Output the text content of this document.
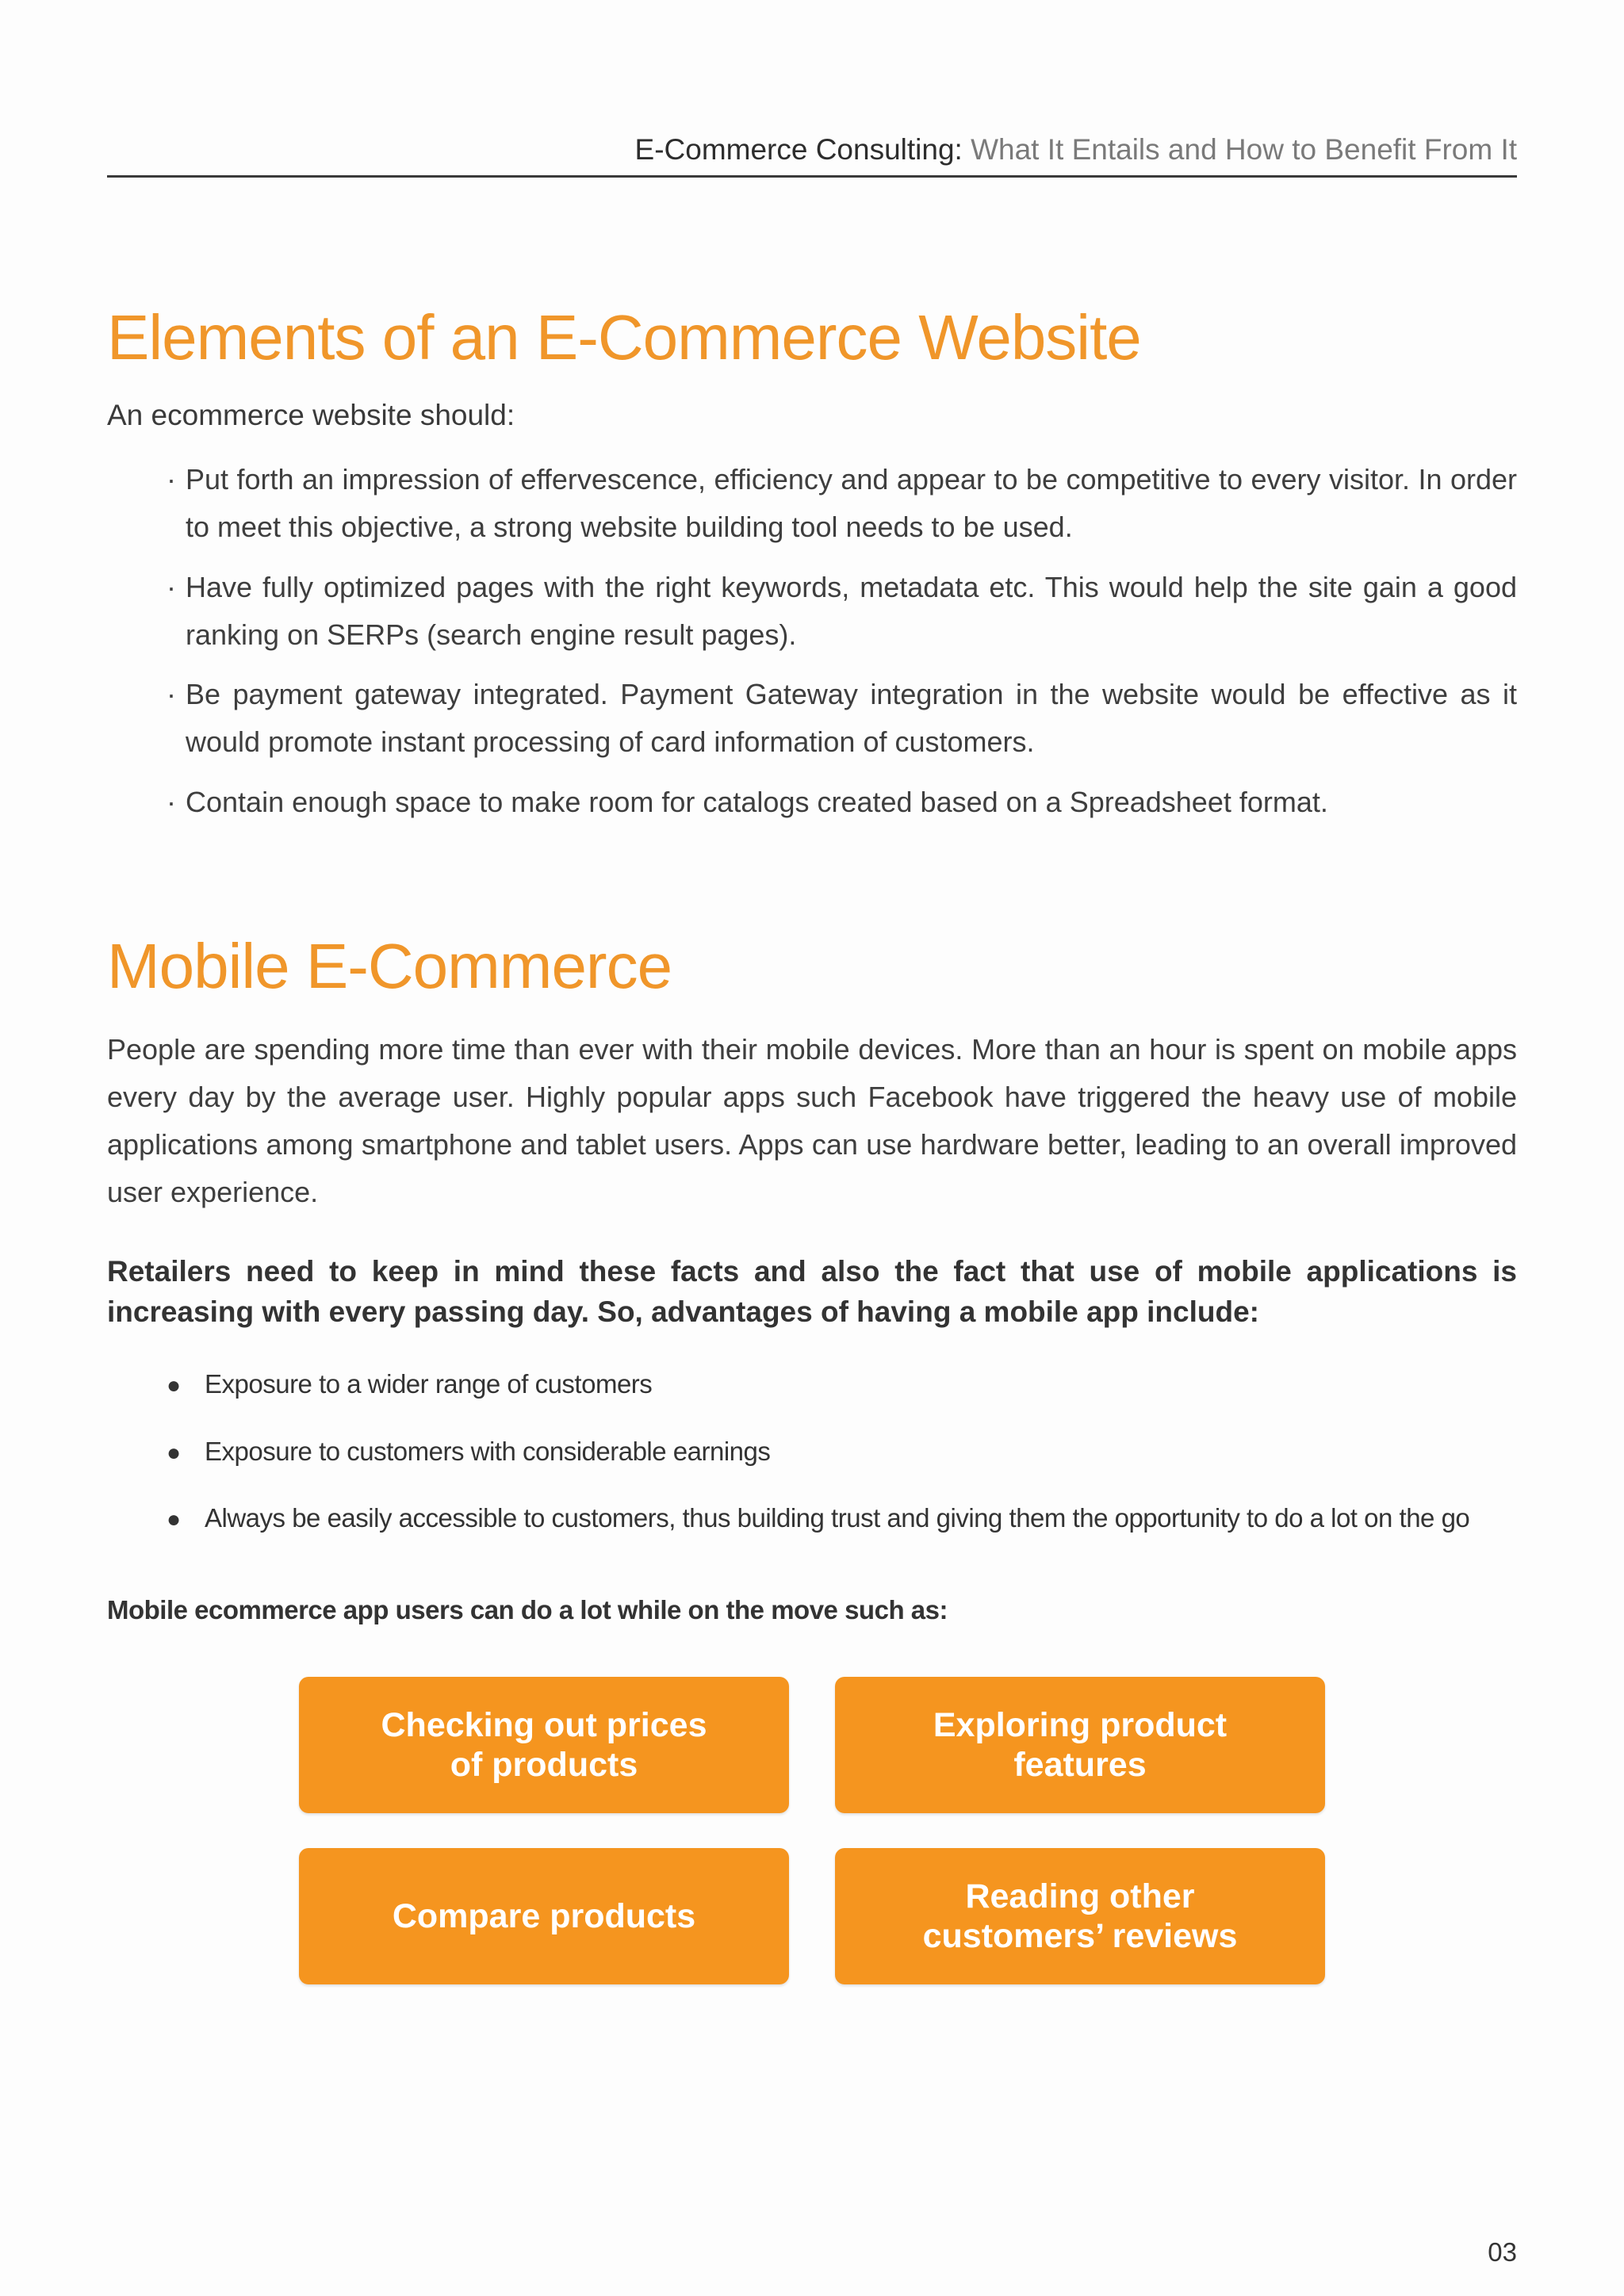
E-Commerce Consulting: What It Entails and How to Benefit From It
Elements of an E-Commerce Website
An ecommerce website should:
· Put forth an impression of effervescence, efficiency and appear to be competitive to every visitor. In order to meet this objective, a strong website building tool needs to be used.
· Have fully optimized pages with the right keywords, metadata etc. This would help the site gain a good ranking on SERPs (search engine result pages).
· Be payment gateway integrated. Payment Gateway integration in the website would be effective as it would promote instant processing of card information of customers.
· Contain enough space to make room for catalogs created based on a Spreadsheet format.
Mobile E-Commerce

People are spending more time than ever with their mobile devices. More than an hour is spent on mobile apps every day by the average user. Highly popular apps such Facebook have triggered the heavy use of mobile applications among smartphone and tablet users. Apps can use hardware better, leading to an overall improved user experience.

Retailers need to keep in mind these facts and also the fact that use of mobile applications is increasing with every passing day. So, advantages of having a mobile app include:

● Exposure to a wider range of customers
● Exposure to customers with considerable earnings
● Always be easily accessible to customers, thus building trust and giving them the opportunity to do a lot on the go
Mobile ecommerce app users can do a lot while on the move such as:
Checking out prices
of products
Exploring product
features
Compare products
Reading other
customers’ reviews
03
